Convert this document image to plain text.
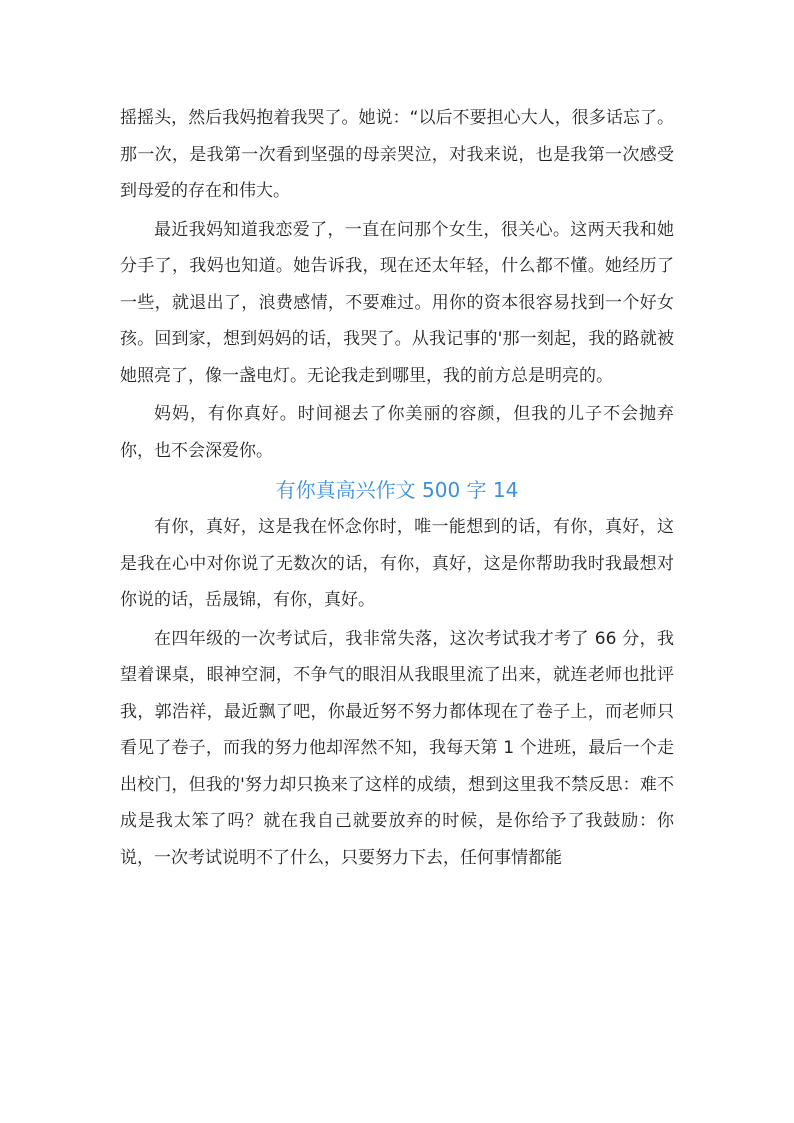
摇摇头，然后我妈抱着我哭了。她说：“以后不要担心大人，很多话忘了。那一次，是我第一次看到坚强的母亲哭泣，对我来说，也是我第一次感受到母爱的存在和伟大。

最近我妈知道我恋爱了，一直在问那个女生，很关心。这两天我和她分手了，我妈也知道。她告诉我，现在还太年轻，什么都不懂。她经历了一些，就退出了，浪费感情，不要难过。用你的资本很容易找到一个好女孩。回到家，想到妈妈的话，我哭了。从我记事的'那一刻起，我的路就被她照亮了，像一盏电灯。无论我走到哪里，我的前方总是明亮的。

妈妈，有你真好。时间褪去了你美丽的容颜，但我的儿子不会抛弃你，也不会深爱你。

有你真高兴作文 500 字 14

有你，真好，这是我在怀念你时，唯一能想到的话，有你，真好，这是我在心中对你说了无数次的话，有你，真好，这是你帮助我时我最想对你说的话，岳晟锦，有你，真好。

在四年级的一次考试后，我非常失落，这次考试我才考了 66 分，我望着课桌，眼神空洞，不争气的眼泪从我眼里流了出来，就连老师也批评我，郭浩祥，最近飘了吧，你最近努不努力都体现在了卷子上，而老师只看见了卷子，而我的努力他却浑然不知，我每天第 1 个进班，最后一个走出校门，但我的'努力却只换来了这样的成绩，想到这里我不禁反思：难不成是我太笨了吗？就在我自己就要放弃的时候，是你给予了我鼓励：你说，一次考试说明不了什么，只要努力下去，任何事情都能
